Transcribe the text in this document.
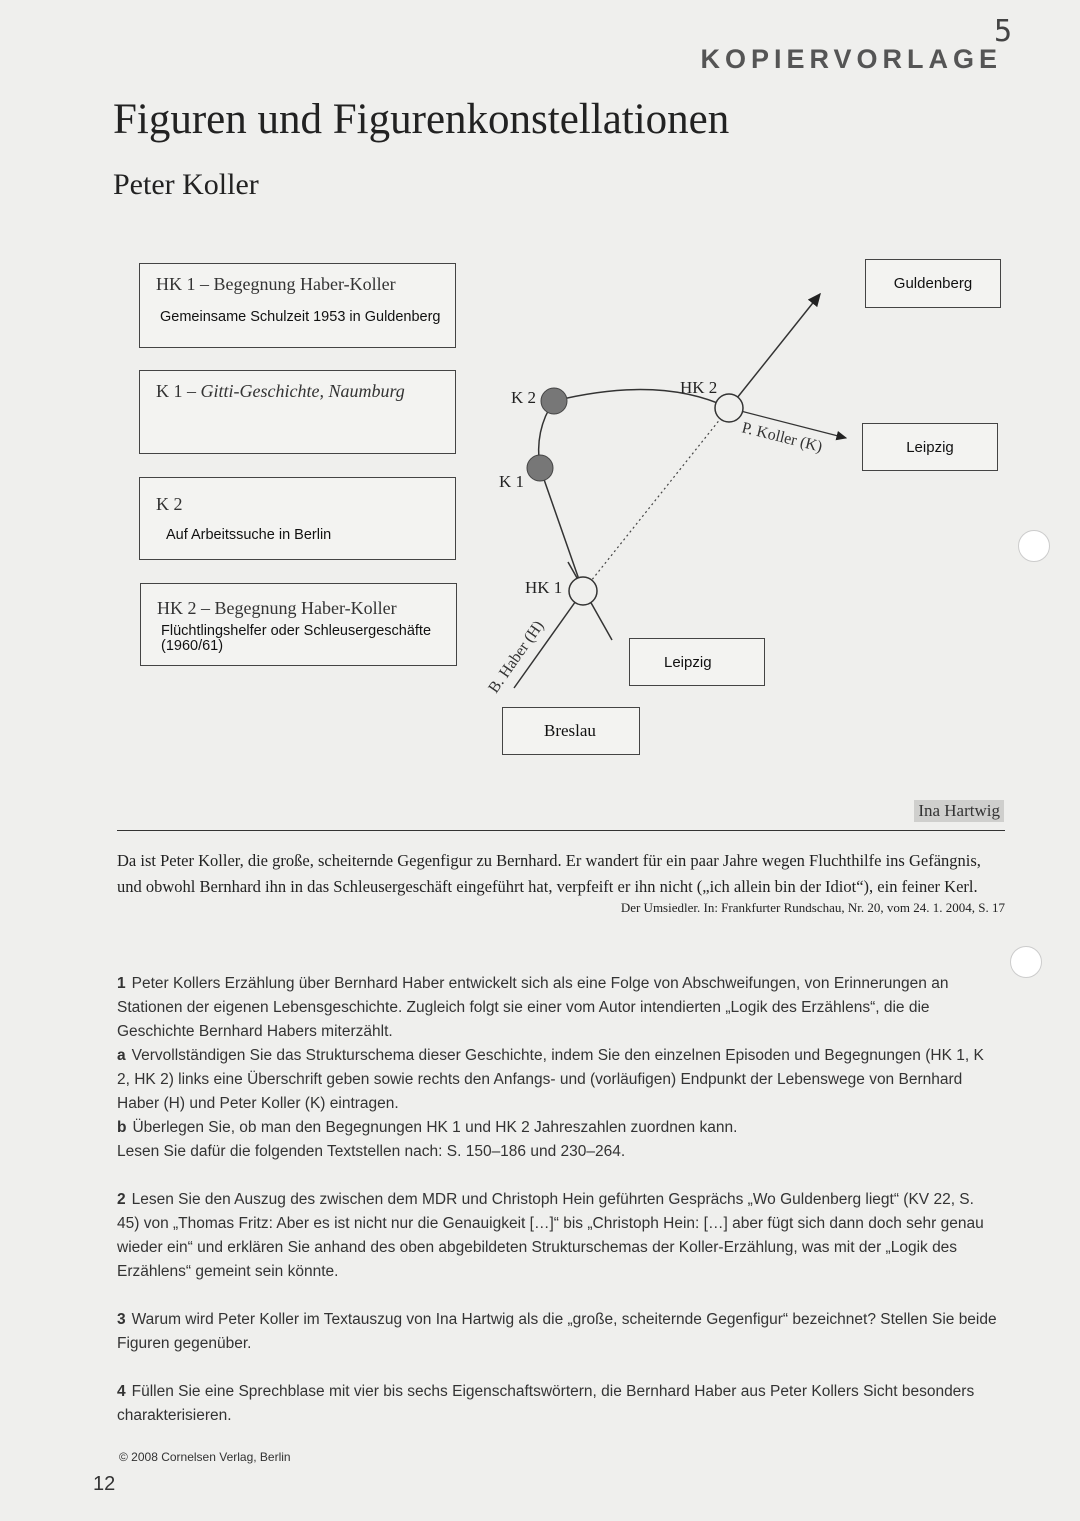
5
KOPIERVORLAGE
Figuren und Figurenkonstellationen
Peter Koller
HK 1 – Begegnung Haber-Koller
Gemeinsame Schulzeit 1953 in Guldenberg
K 1 – Gitti-Geschichte, Naumburg
K 2
Auf Arbeitssuche in Berlin
HK 2 – Begegnung Haber-Koller
Flüchtlingshelfer oder Schleusergeschäfte (1960/61)	B. Haber (H)
P. Koller (K)
K 2
K 1
HK 1
HK 2
Guldenberg
Leipzig
Leipzig
Breslau
Ina Hartwig
Da ist Peter Koller, die große, scheiternde Gegenfigur zu Bernhard. Er wandert für ein paar Jahre wegen Fluchthilfe ins Gefängnis, und obwohl Bernhard ihn in das Schleusergeschäft eingeführt hat, verpfeift er ihn nicht („ich allein bin der Idiot“), ein feiner Kerl.
Der Umsiedler. In: Frankfurter Rundschau, Nr. 20, vom 24. 1. 2004, S. 17
1 Peter Kollers Erzählung über Bernhard Haber entwickelt sich als eine Folge von Abschweifungen, von Erinnerungen an Stationen der eigenen Lebensgeschichte. Zugleich folgt sie einer vom Autor intendierten „Logik des Erzählens“, die die Geschichte Bernhard Habers miterzählt.
a Vervollständigen Sie das Strukturschema dieser Geschichte, indem Sie den einzelnen Episoden und Begegnungen (HK 1, K 2, HK 2) links eine Überschrift geben sowie rechts den Anfangs- und (vorläufigen) Endpunkt der Lebenswege von Bernhard Haber (H) und Peter Koller (K) eintragen.
b Überlegen Sie, ob man den Begegnungen HK 1 und HK 2 Jahreszahlen zuordnen kann.
Lesen Sie dafür die folgenden Textstellen nach: S. 150–186 und 230–264.
2 Lesen Sie den Auszug des zwischen dem MDR und Christoph Hein geführten Gesprächs „Wo Guldenberg liegt“ (KV 22, S. 45) von „Thomas Fritz: Aber es ist nicht nur die Genauigkeit […]“ bis „Christoph Hein: […] aber fügt sich dann doch sehr genau wieder ein“ und erklären Sie anhand des oben abgebildeten Strukturschemas der Koller-Erzählung, was mit der „Logik des Erzählens“ gemeint sein könnte.
3 Warum wird Peter Koller im Textauszug von Ina Hartwig als die „große, scheiternde Gegenfigur“ bezeichnet? Stellen Sie beide Figuren gegenüber.
4 Füllen Sie eine Sprechblase mit vier bis sechs Eigenschaftswörtern, die Bernhard Haber aus Peter Kollers Sicht besonders charakterisieren.
© 2008 Cornelsen Verlag, Berlin
12
